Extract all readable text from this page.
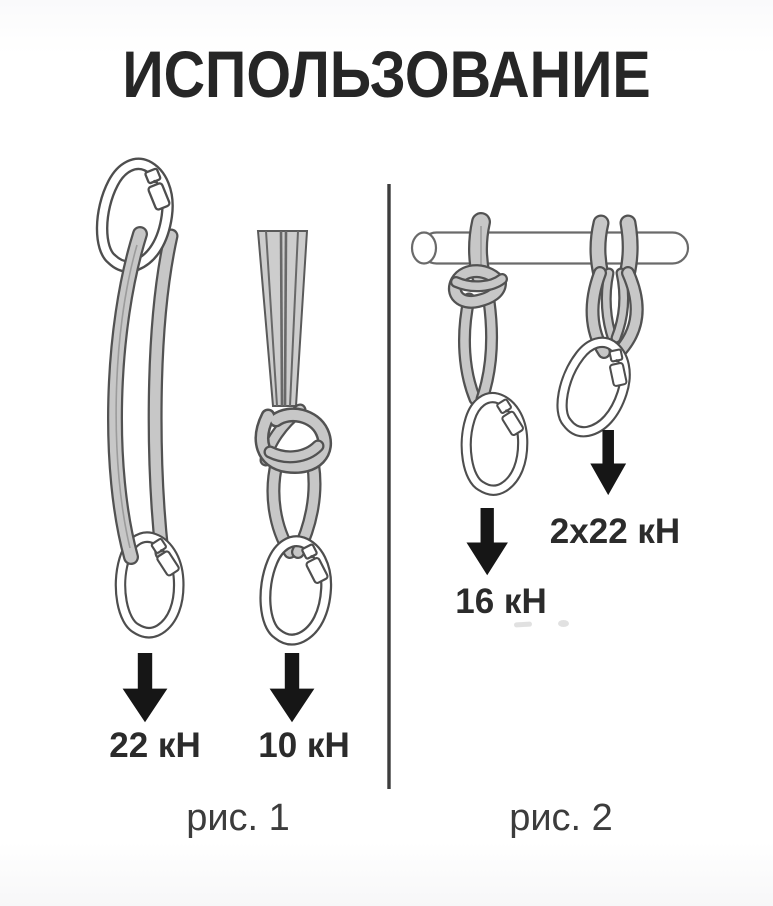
ИСПОЛЬЗОВАНИЕ
22 кН 10 кН
16 кН
2x22 кН
рис. 1	рис. 2
